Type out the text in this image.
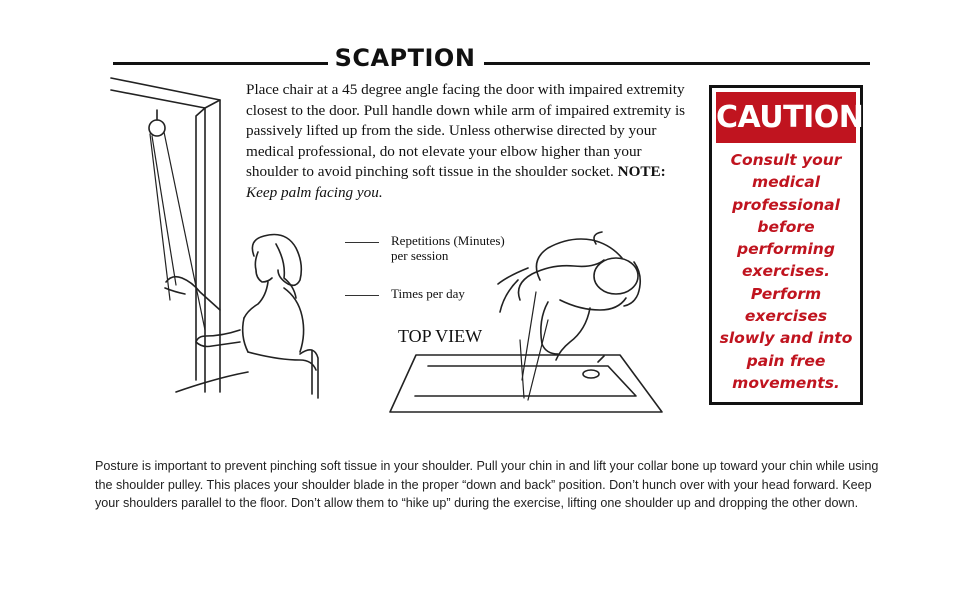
SCAPTION
Place chair at a 45 degree angle facing the door with impaired extremity closest to the door. Pull handle down while arm of impaired extremity is passively lifted up from the side. Unless otherwise directed by your medical professional, do not elevate your elbow higher than your shoulder to avoid pinching soft tissue in the shoulder socket. NOTE: Keep palm facing you.
Repetitions (Minutes)
per session
Times per day
TOP VIEW
CAUTION
Consult your medical professional before performing exercises. Perform exercises slowly and into pain free movements.
Posture is important to prevent pinching soft tissue in your shoulder. Pull your chin in and lift your collar bone up toward your chin while using the shoulder pulley. This places your shoulder blade in the proper “down and back” position. Don’t hunch over with your head forward. Keep your shoulders parallel to the floor. Don’t allow them to “hike up” during the exercise, lifting one shoulder up and dropping the other down.
